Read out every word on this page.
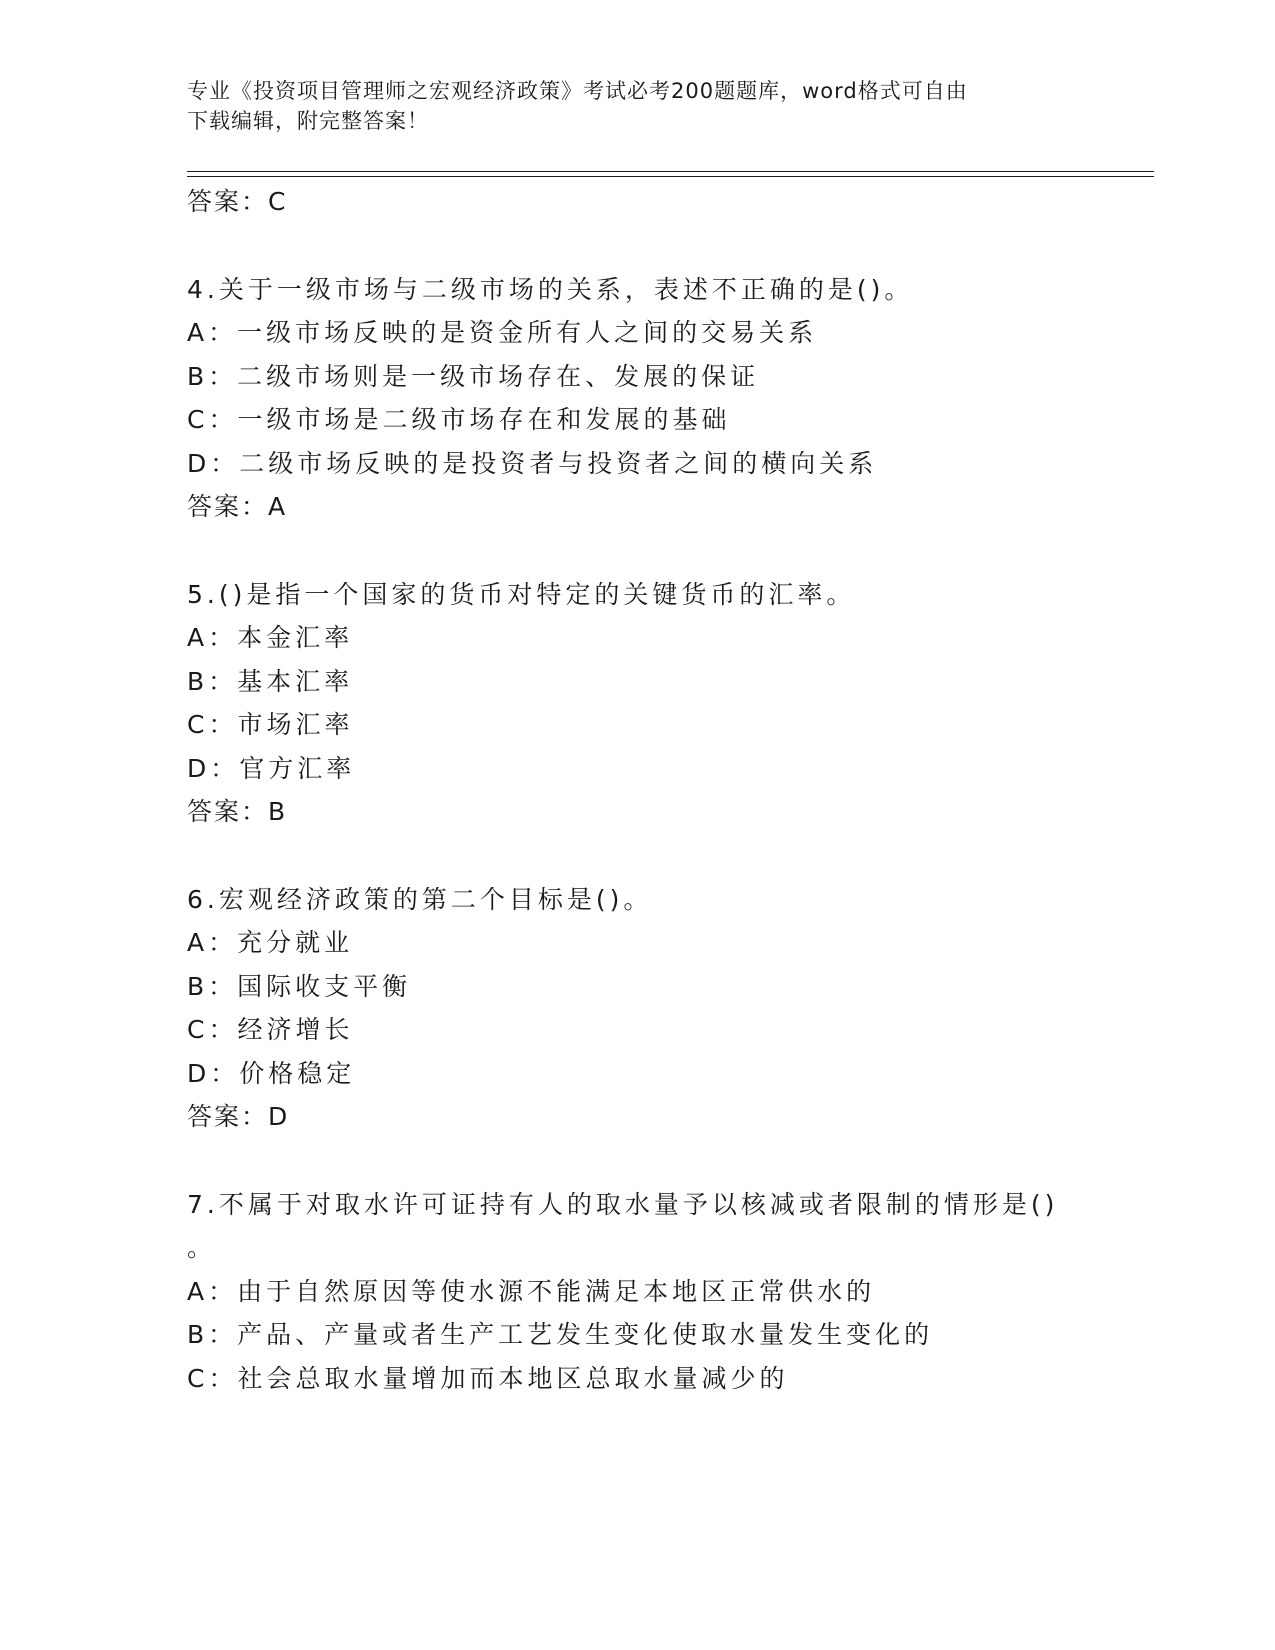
专业《投资项目管理师之宏观经济政策》考试必考200题题库，word格式可自由
下载编辑，附完整答案！
答案：C
4.关于一级市场与二级市场的关系，表述不正确的是()。
A：一级市场反映的是资金所有人之间的交易关系
B：二级市场则是一级市场存在、发展的保证
C：一级市场是二级市场存在和发展的基础
D：二级市场反映的是投资者与投资者之间的横向关系
答案：A
5.()是指一个国家的货币对特定的关键货币的汇率。
A：本金汇率
B：基本汇率
C：市场汇率
D：官方汇率
答案：B
6.宏观经济政策的第二个目标是()。
A：充分就业
B：国际收支平衡
C：经济增长
D：价格稳定
答案：D
7.不属于对取水许可证持有人的取水量予以核减或者限制的情形是()
。
A：由于自然原因等使水源不能满足本地区正常供水的
B：产品、产量或者生产工艺发生变化使取水量发生变化的
C：社会总取水量增加而本地区总取水量减少的
